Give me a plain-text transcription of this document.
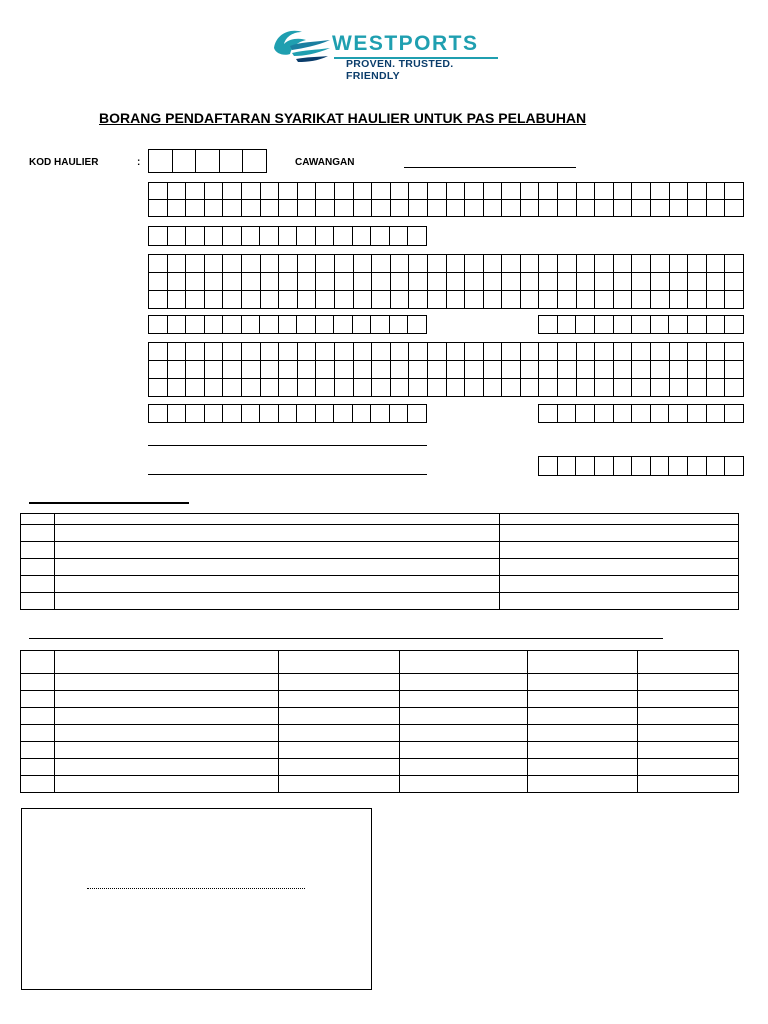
WESTPORTS
PROVEN. TRUSTED. FRIENDLY
BORANG PENDAFTARAN SYARIKAT HAULIER UNTUK PAS PELABUHAN
KOD HAULIER	:	CAWANGAN
